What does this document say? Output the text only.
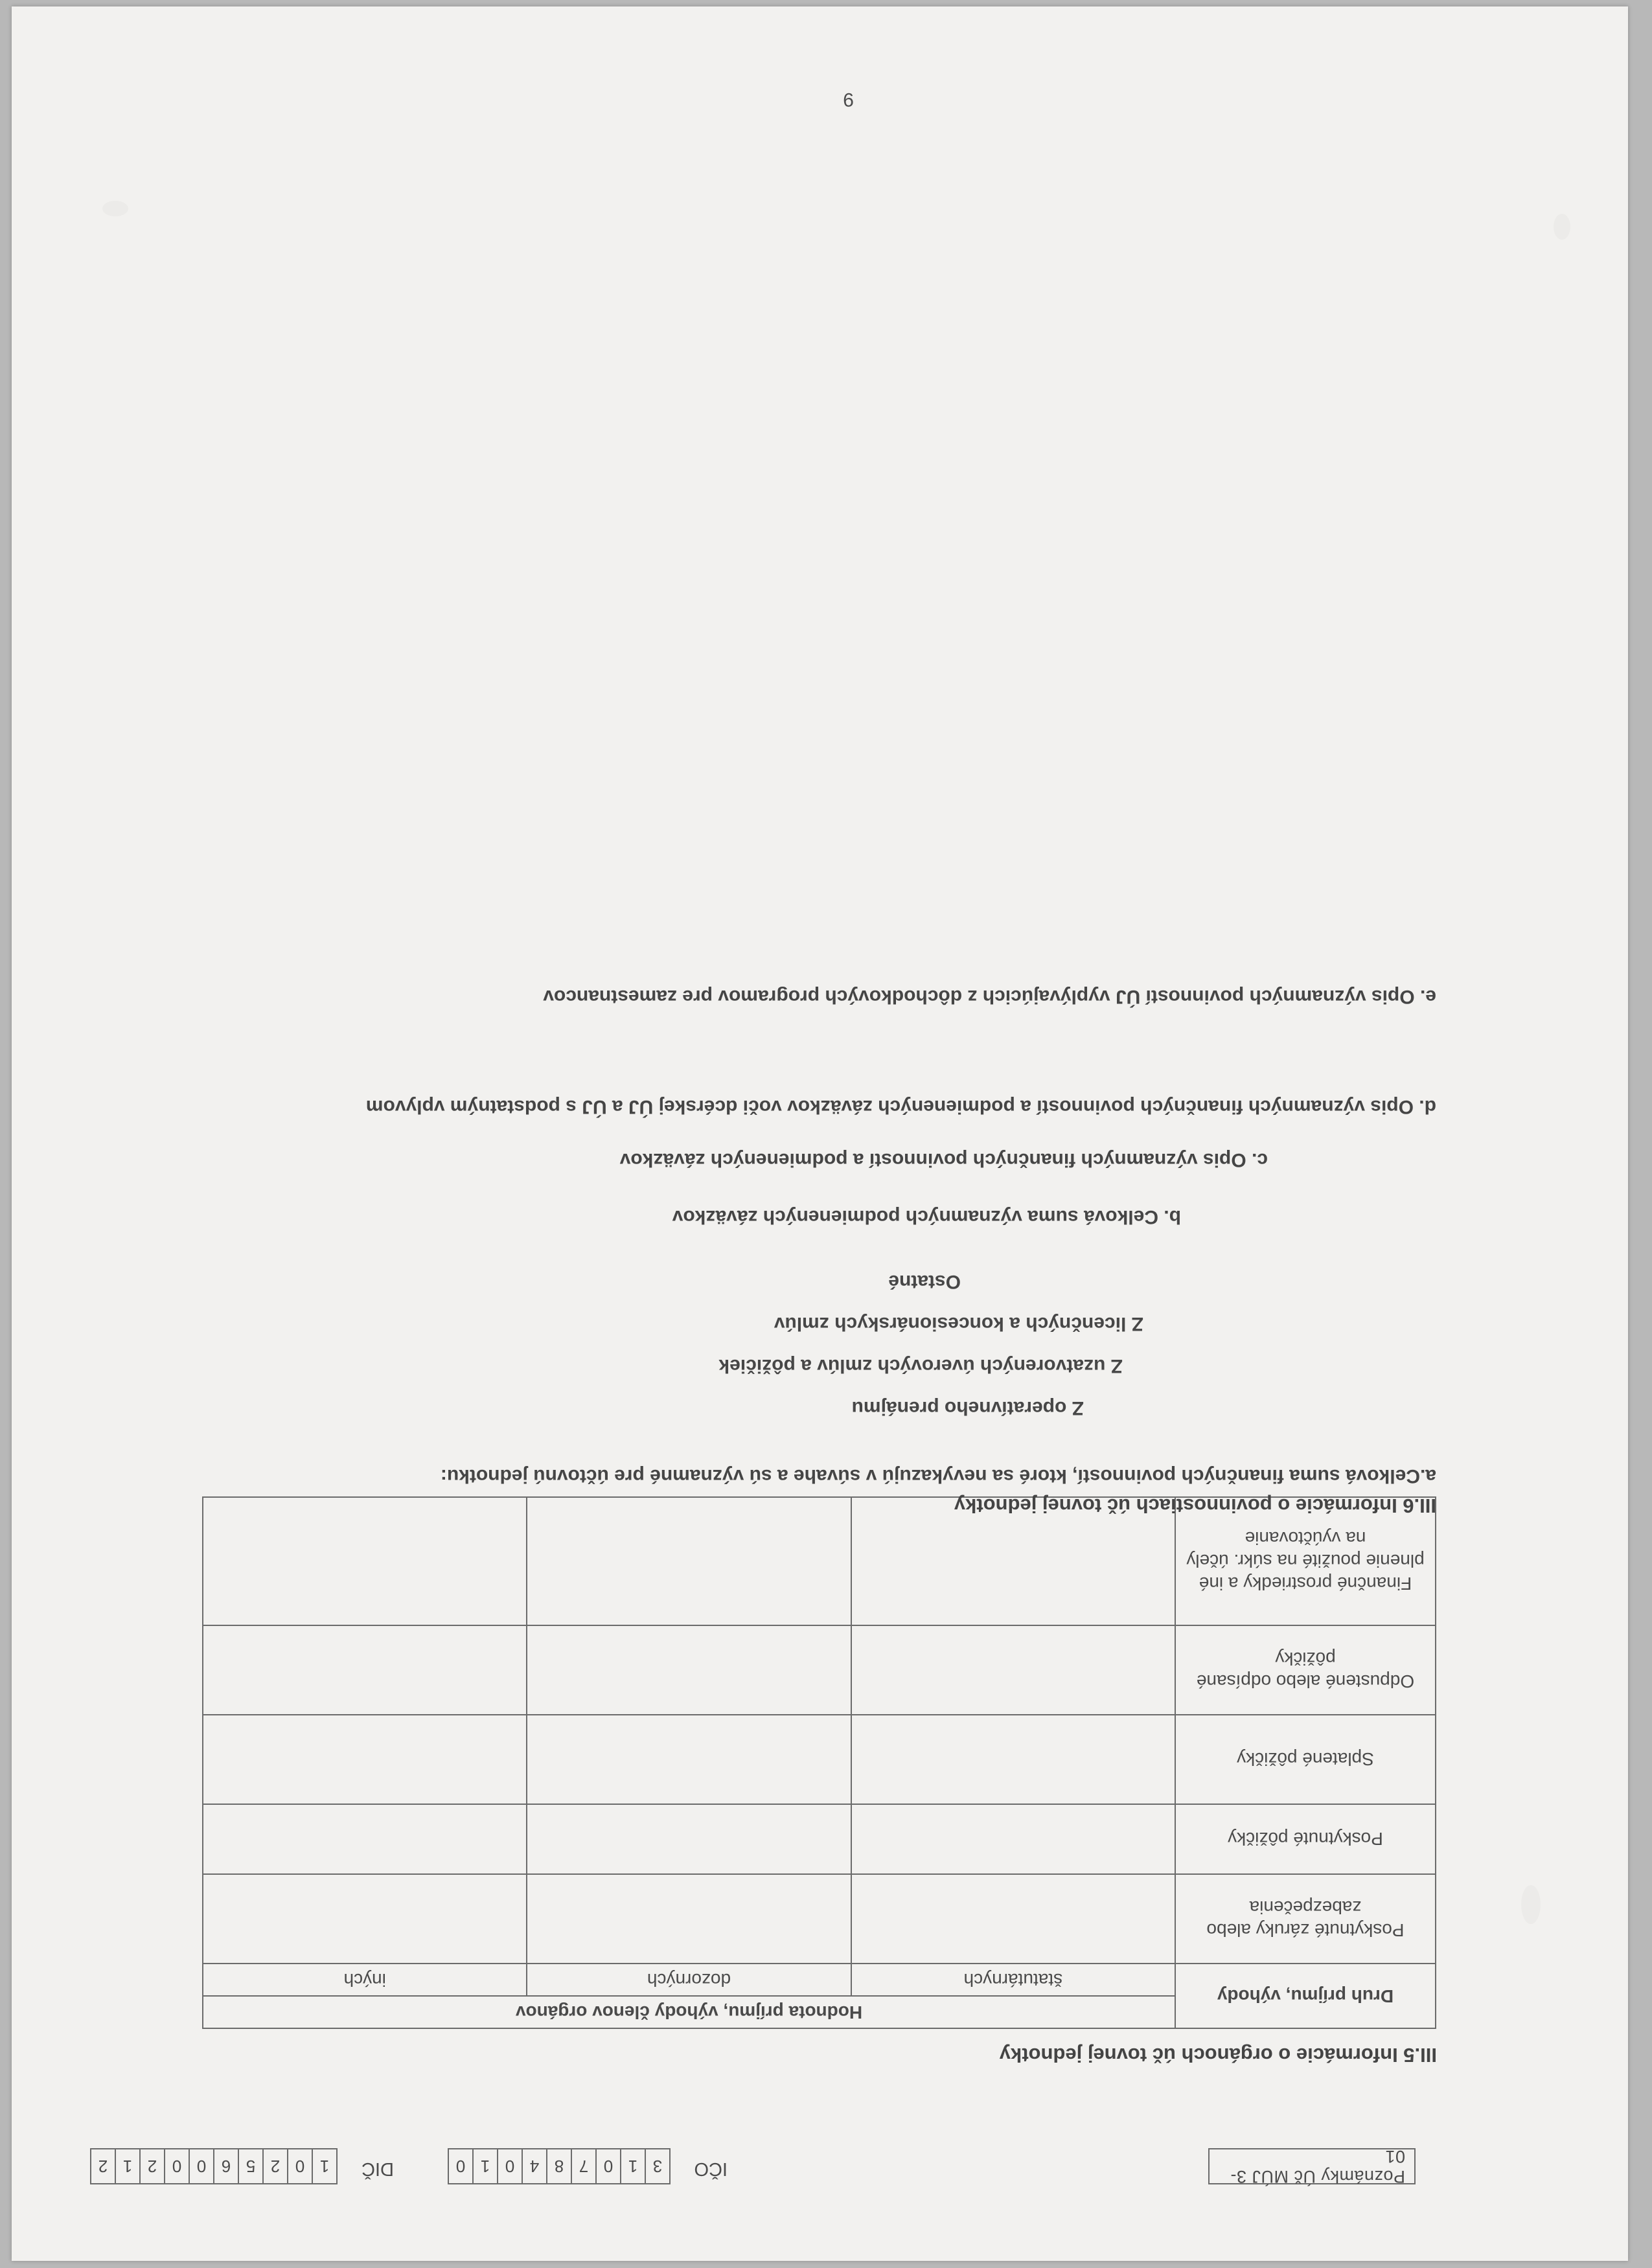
Poznámky Úč MÚJ 3-01
IČO
3
1
0
7
8
4
0
1
0
DIČ
1
0
2
5
6
0
0
2
1
2
III.5 Informácie o orgánoch úč tovnej jednotky
Druh príjmu, výhody	Hodnota príjmu, výhody členov orgánov		
	štatutárnych	dozorných	iných
Poskytnuté záruky alebo zabezpečenia			
Poskytnuté pôžičky			
Splatené pôžičky			
Odpustené alebo odpísané pôžičky			
Finančné prostriedky a iné plnenie použité na súkr. účely na vyúčtovanie			
III.6 Informácie o povinnostiach úč tovnej jednotky
a.Celková suma finančných povinností, ktoré sa nevykazujú v súvahe a sú významné pre účtovnú jednotku:
Z operatívneho prenájmu
Z uzatvorených úverových zmlúv a pôžičiek
Z licenčných a koncesionárskych zmlúv
Ostatné
b. Celková suma významných podmienených záväzkov
c. Opis významných finančných povinností a podmienených záväzkov
d. Opis významných finančných povinností a podmienených záväzkov voči dcérskej ÚJ a ÚJ s podstatným vplyvom
e. Opis významných povinností ÚJ vyplývajúcich z dôchodkových programov pre zamestnancov
9
